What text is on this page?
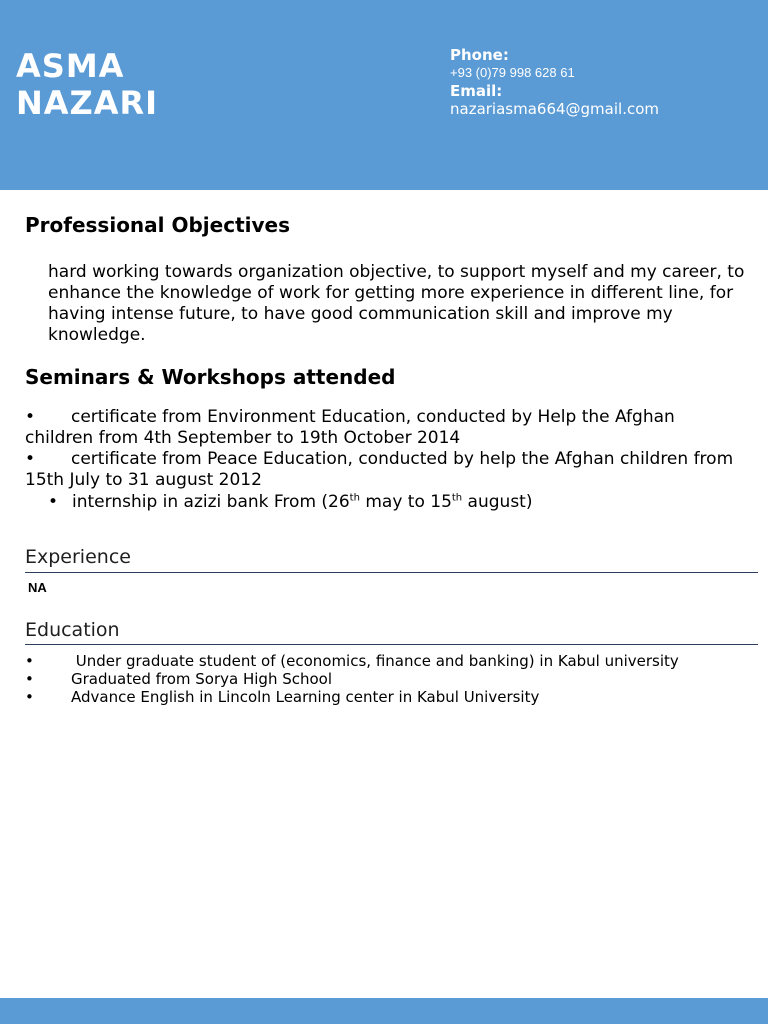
ASMA
NAZARI
Phone:
+93 (0)79 998 628 61
Email:
nazariasma664@gmail.com
Professional Objectives
hard working towards organization objective, to support myself and my career, to enhance the knowledge of work for getting more experience in different line, for having intense future, to have good communication skill and improve my knowledge.
Seminars & Workshops attended
• certificate from Environment Education, conducted by Help the Afghan children from 4th September to 19th October 2014
• certificate from Peace Education, conducted by help the Afghan children from 15th July to 31 august 2012
• internship in azizi bank From (26th may to 15th august)
Experience
NA
Education
• Under graduate student of (economics, finance and banking) in Kabul university
• Graduated from Sorya High School
• Advance English in Lincoln Learning center in Kabul University
